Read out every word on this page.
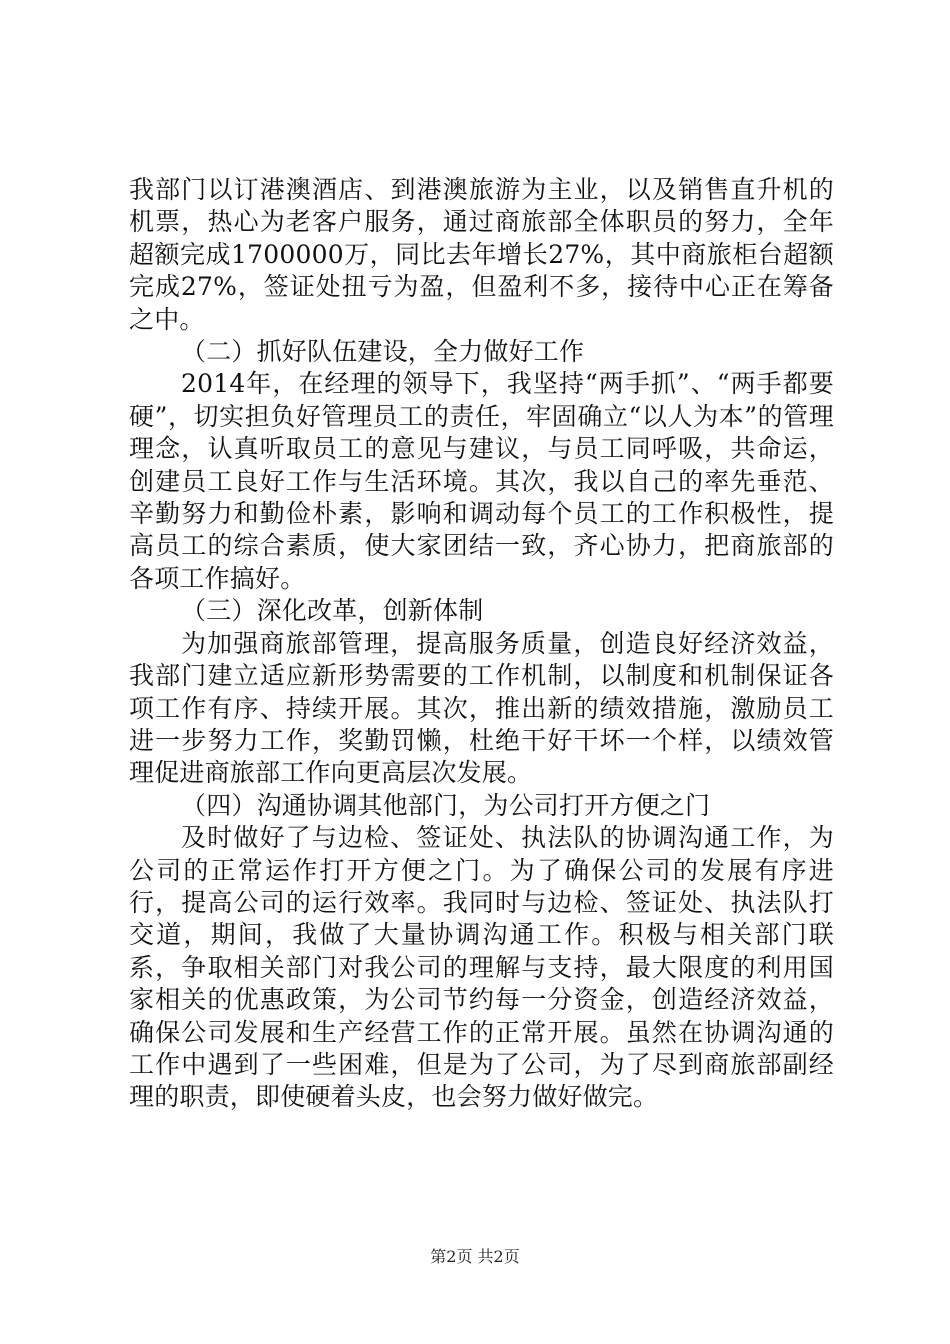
我部门以订港澳酒店、到港澳旅游为主业，以及销售直升机的机票，热心为老客户服务，通过商旅部全体职员的努力，全年超额完成1700000万，同比去年增长27%，其中商旅柜台超额完成27%，签证处扭亏为盈，但盈利不多，接待中心正在筹备之中。

（二）抓好队伍建设，全力做好工作

2014年，在经理的领导下，我坚持“两手抓”、“两手都要硬”，切实担负好管理员工的责任，牢固确立“以人为本”的管理理念，认真听取员工的意见与建议，与员工同呼吸，共命运，创建员工良好工作与生活环境。其次，我以自己的率先垂范、辛勤努力和勤俭朴素，影响和调动每个员工的工作积极性，提高员工的综合素质，使大家团结一致，齐心协力，把商旅部的各项工作搞好。

（三）深化改革，创新体制

为加强商旅部管理，提高服务质量，创造良好经济效益，我部门建立适应新形势需要的工作机制，以制度和机制保证各项工作有序、持续开展。其次，推出新的绩效措施，激励员工进一步努力工作，奖勤罚懒，杜绝干好干坏一个样，以绩效管理促进商旅部工作向更高层次发展。

（四）沟通协调其他部门，为公司打开方便之门

及时做好了与边检、签证处、执法队的协调沟通工作，为公司的正常运作打开方便之门。为了确保公司的发展有序进行，提高公司的运行效率。我同时与边检、签证处、执法队打交道，期间，我做了大量协调沟通工作。积极与相关部门联系，争取相关部门对我公司的理解与支持，最大限度的利用国家相关的优惠政策，为公司节约每一分资金，创造经济效益，确保公司发展和生产经营工作的正常开展。虽然在协调沟通的工作中遇到了一些困难，但是为了公司，为了尽到商旅部副经理的职责，即使硬着头皮，也会努力做好做完。

第2页 共2页
